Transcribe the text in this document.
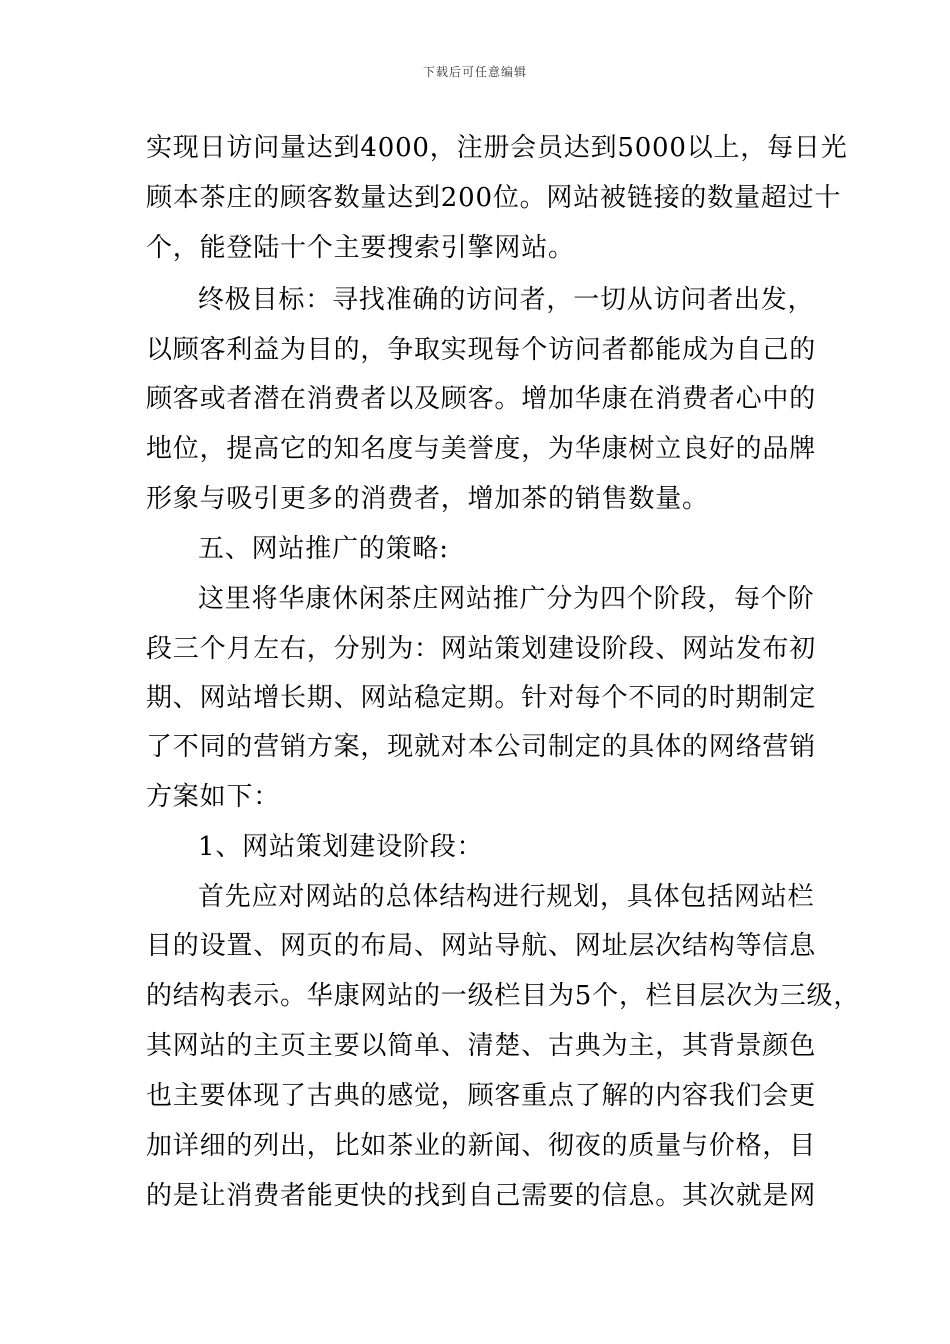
下载后可任意编辑
实现日访问量达到4000，注册会员达到5000以上，每日光
顾本茶庄的顾客数量达到200位。网站被链接的数量超过十
个，能登陆十个主要搜索引擎网站。
终极目标：寻找准确的访问者，一切从访问者出发，
以顾客利益为目的，争取实现每个访问者都能成为自己的
顾客或者潜在消费者以及顾客。增加华康在消费者心中的
地位，提高它的知名度与美誉度，为华康树立良好的品牌
形象与吸引更多的消费者，增加茶的销售数量。
五、网站推广的策略:
这里将华康休闲茶庄网站推广分为四个阶段，每个阶
段三个月左右，分别为：网站策划建设阶段、网站发布初
期、网站增长期、网站稳定期。针对每个不同的时期制定
了不同的营销方案，现就对本公司制定的具体的网络营销
方案如下：
1、网站策划建设阶段：
首先应对网站的总体结构进行规划，具体包括网站栏
目的设置、网页的布局、网站导航、网址层次结构等信息
的结构表示。华康网站的一级栏目为5个，栏目层次为三级，
其网站的主页主要以简单、清楚、古典为主，其背景颜色
也主要体现了古典的感觉，顾客重点了解的内容我们会更
加详细的列出，比如茶业的新闻、彻夜的质量与价格，目
的是让消费者能更快的找到自己需要的信息。其次就是网
